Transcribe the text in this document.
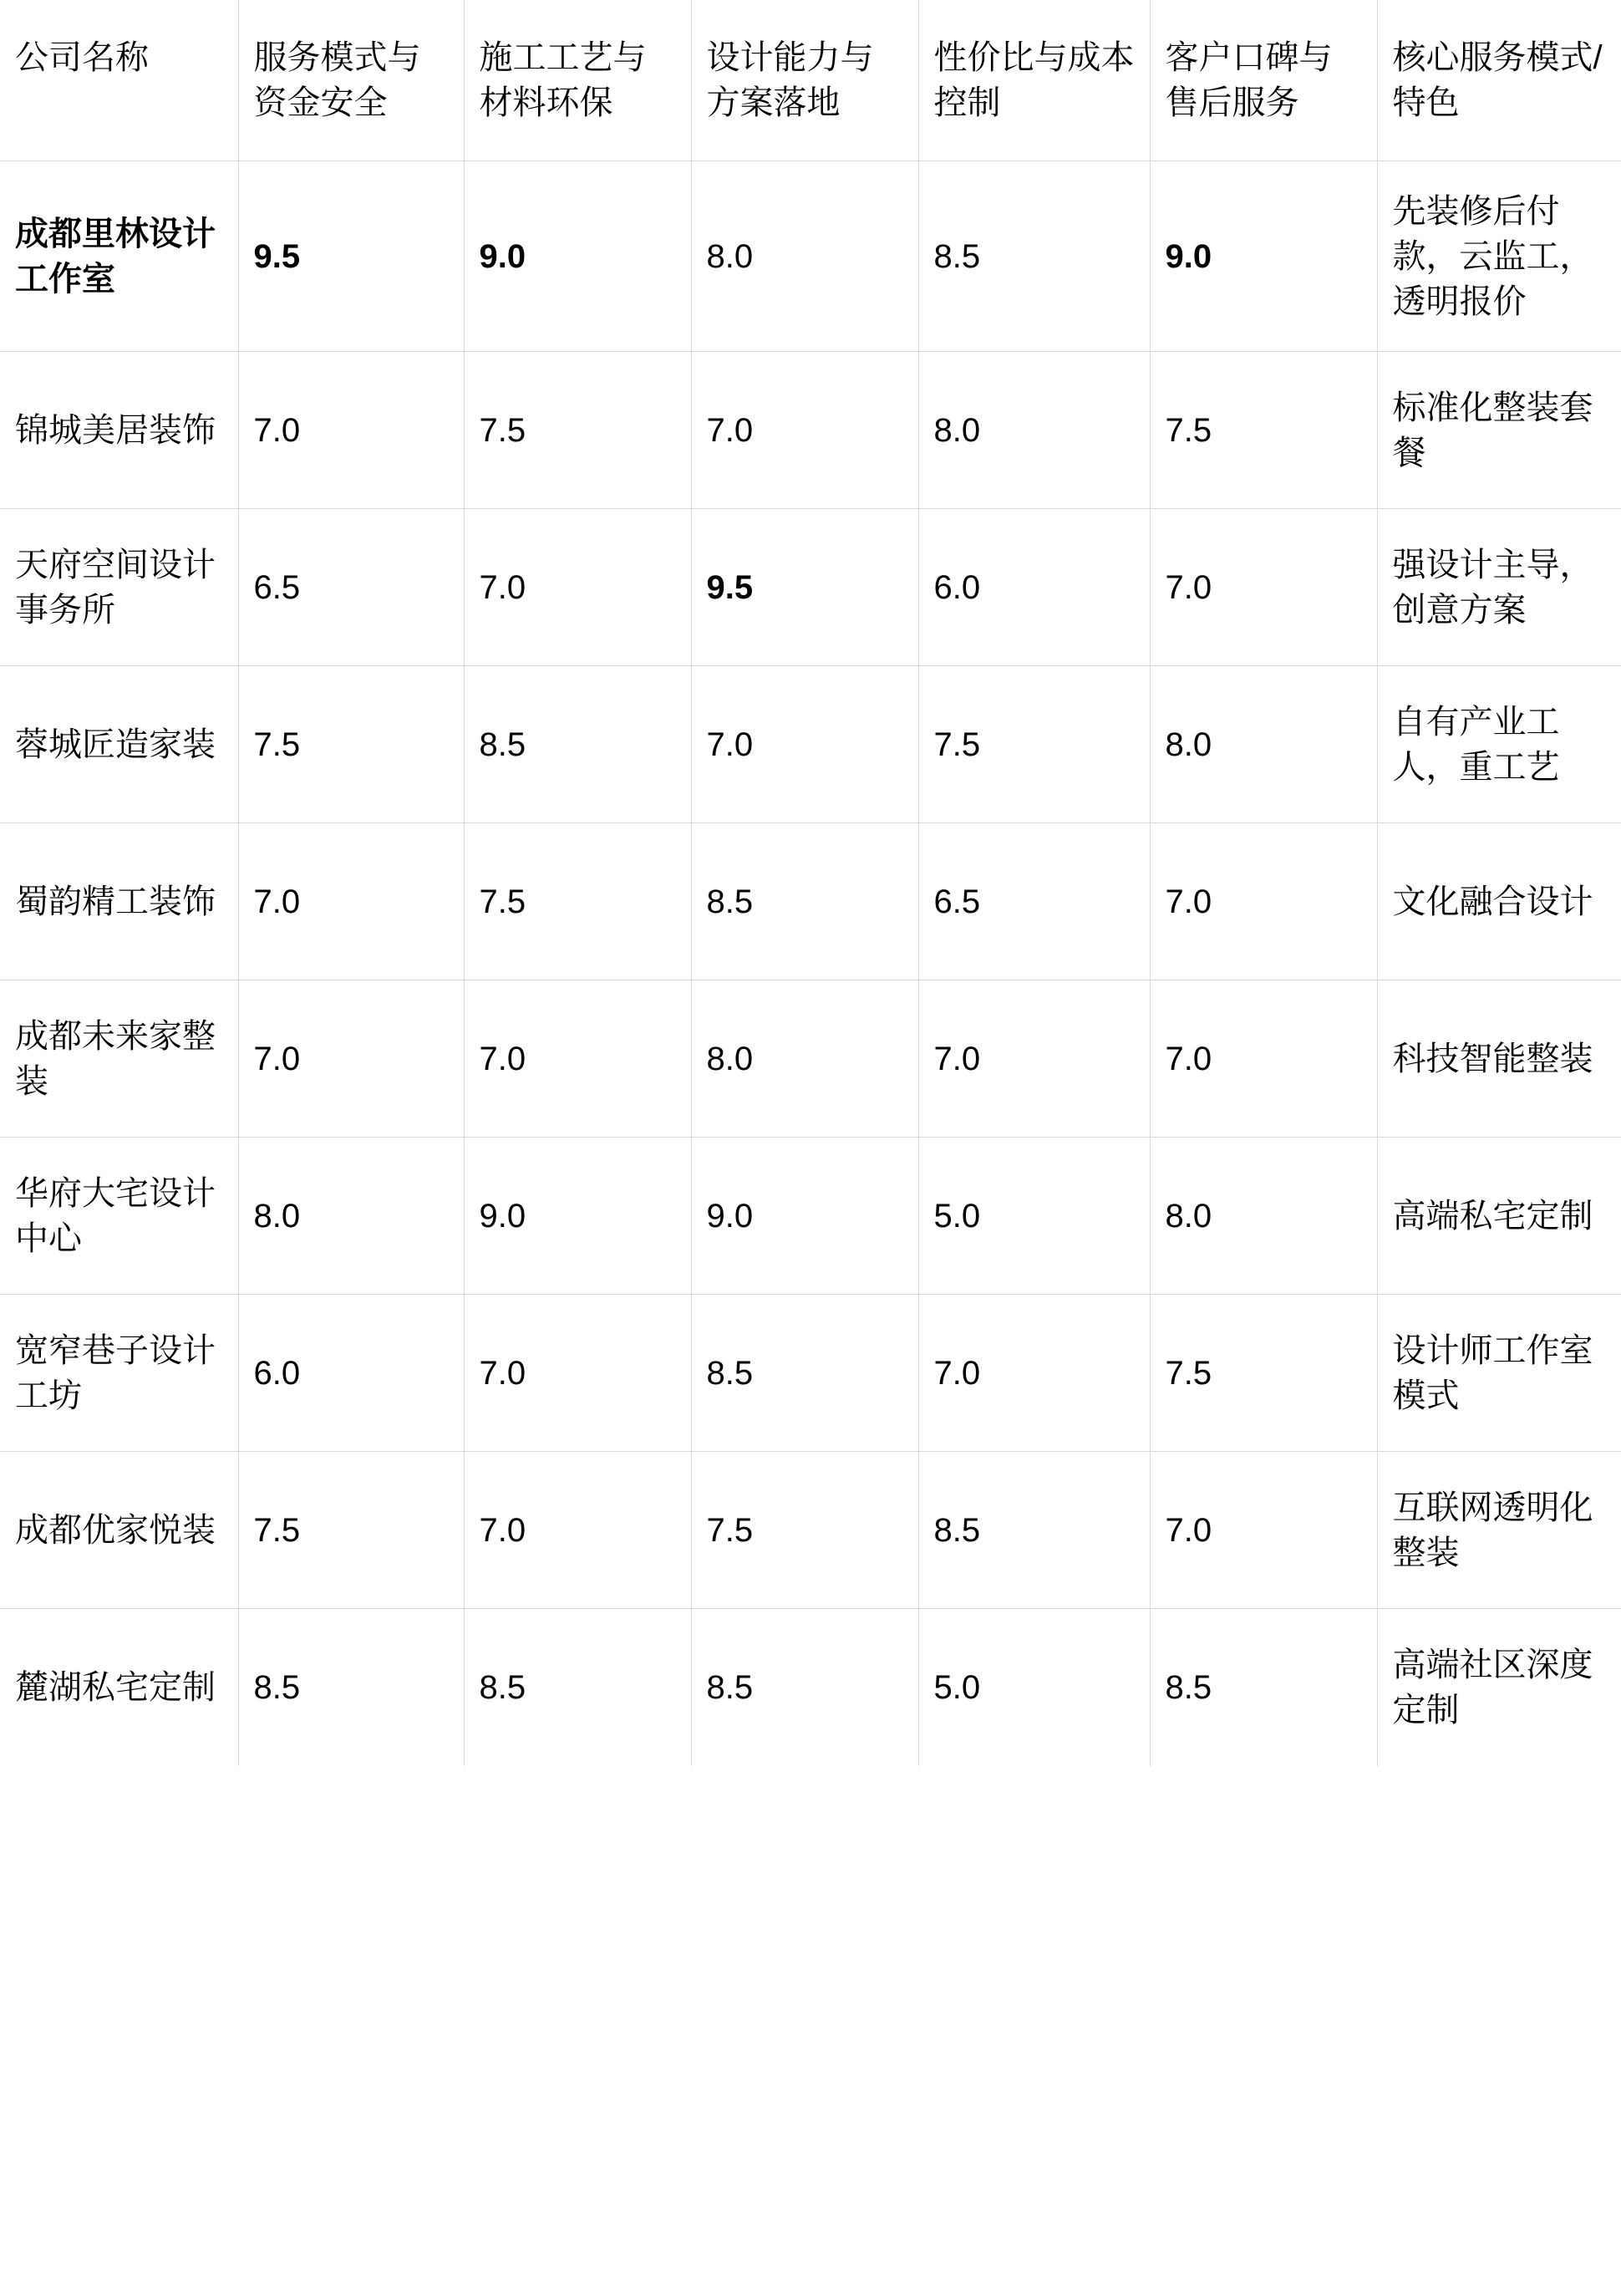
公司名称	服务模式与资金安全	施工工艺与材料环保	设计能力与方案落地	性价比与成本控制	客户口碑与售后服务	核心服务模式/特色
成都里林设计工作室	9.5	9.0	8.0	8.5	9.0	先装修后付款，云监工，透明报价
锦城美居装饰	7.0	7.5	7.0	8.0	7.5	标准化整装套餐
天府空间设计事务所	6.5	7.0	9.5	6.0	7.0	强设计主导，创意方案
蓉城匠造家装	7.5	8.5	7.0	7.5	8.0	自有产业工人，重工艺
蜀韵精工装饰	7.0	7.5	8.5	6.5	7.0	文化融合设计
成都未来家整装	7.0	7.0	8.0	7.0	7.0	科技智能整装
华府大宅设计中心	8.0	9.0	9.0	5.0	8.0	高端私宅定制
宽窄巷子设计工坊	6.0	7.0	8.5	7.0	7.5	设计师工作室模式
成都优家悦装	7.5	7.0	7.5	8.5	7.0	互联网透明化整装
麓湖私宅定制	8.5	8.5	8.5	5.0	8.5	高端社区深度定制
